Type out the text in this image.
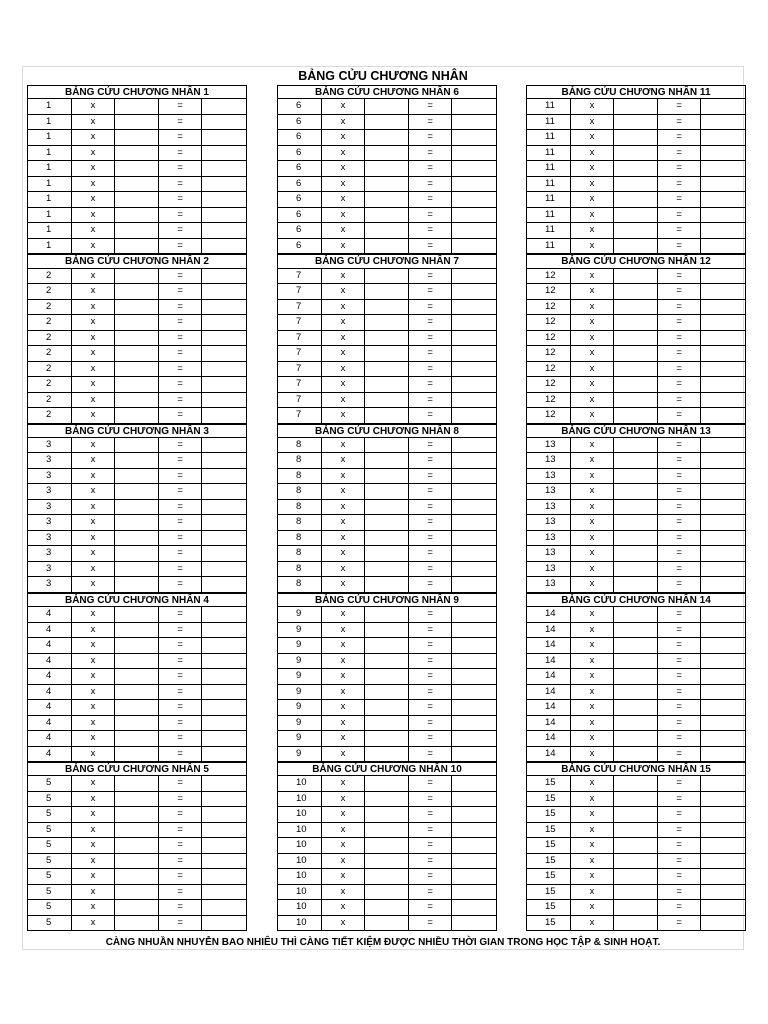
BẢNG CỬU CHƯƠNG NHÂN
BẢNG CỬU CHƯƠNG NHÂN 1
1	x	=
1	x	=
1	x	=
1	x	=
1	x	=
1	x	=
1	x	=
1	x	=
1	x	=
1	x	=
BẢNG CỬU CHƯƠNG NHÂN 2
2	x	=
2	x	=
2	x	=
2	x	=
2	x	=
2	x	=
2	x	=
2	x	=
2	x	=
2	x	=
BẢNG CỬU CHƯƠNG NHÂN 3
3	x	=
3	x	=
3	x	=
3	x	=
3	x	=
3	x	=
3	x	=
3	x	=
3	x	=
3	x	=
BẢNG CỬU CHƯƠNG NHÂN 4
4	x	=
4	x	=
4	x	=
4	x	=
4	x	=
4	x	=
4	x	=
4	x	=
4	x	=
4	x	=
BẢNG CỬU CHƯƠNG NHÂN 5
5	x	=
5	x	=
5	x	=
5	x	=
5	x	=
5	x	=
5	x	=
5	x	=
5	x	=
5	x	=
BẢNG CỬU CHƯƠNG NHÂN 6
6	x	=
6	x	=
6	x	=
6	x	=
6	x	=
6	x	=
6	x	=
6	x	=
6	x	=
6	x	=
BẢNG CỬU CHƯƠNG NHÂN 7
7	x	=
7	x	=
7	x	=
7	x	=
7	x	=
7	x	=
7	x	=
7	x	=
7	x	=
7	x	=
BẢNG CỬU CHƯƠNG NHÂN 8
8	x	=
8	x	=
8	x	=
8	x	=
8	x	=
8	x	=
8	x	=
8	x	=
8	x	=
8	x	=
BẢNG CỬU CHƯƠNG NHÂN 9
9	x	=
9	x	=
9	x	=
9	x	=
9	x	=
9	x	=
9	x	=
9	x	=
9	x	=
9	x	=
BẢNG CỬU CHƯƠNG NHÂN 10
10	x	=
10	x	=
10	x	=
10	x	=
10	x	=
10	x	=
10	x	=
10	x	=
10	x	=
10	x	=
BẢNG CỬU CHƯƠNG NHÂN 11
11	x	=
11	x	=
11	x	=
11	x	=
11	x	=
11	x	=
11	x	=
11	x	=
11	x	=
11	x	=
BẢNG CỬU CHƯƠNG NHÂN 12
12	x	=
12	x	=
12	x	=
12	x	=
12	x	=
12	x	=
12	x	=
12	x	=
12	x	=
12	x	=
BẢNG CỬU CHƯƠNG NHÂN 13
13	x	=
13	x	=
13	x	=
13	x	=
13	x	=
13	x	=
13	x	=
13	x	=
13	x	=
13	x	=
BẢNG CỬU CHƯƠNG NHÂN 14
14	x	=
14	x	=
14	x	=
14	x	=
14	x	=
14	x	=
14	x	=
14	x	=
14	x	=
14	x	=
BẢNG CỬU CHƯƠNG NHÂN 15
15	x	=
15	x	=
15	x	=
15	x	=
15	x	=
15	x	=
15	x	=
15	x	=
15	x	=
15	x	=
CÀNG NHUẦN NHUYỄN BAO NHIÊU THÌ CÀNG TIẾT KIỆM ĐƯỢC NHIỀU THỜI GIAN TRONG HỌC TẬP & SINH HOẠT.
